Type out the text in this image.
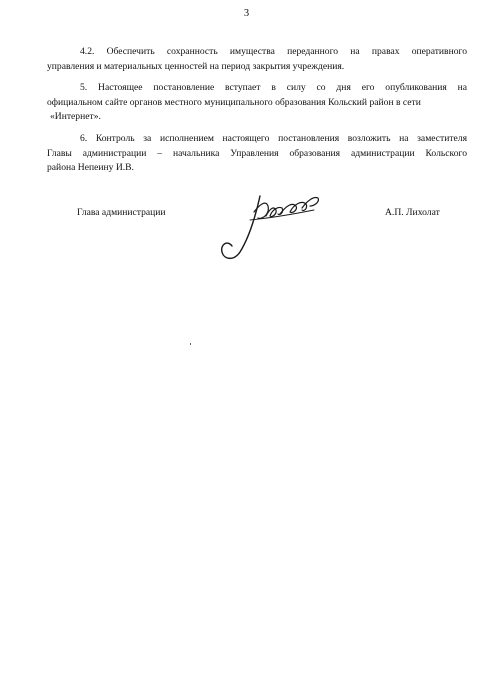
3
4.2. Обеспечить сохранность имущества переданного на правах оперативного
управления и материальных ценностей на период закрытия учреждения.
5. Настоящее постановление вступает в силу со дня его опубликования на
официальном сайте органов местного муниципального образования Кольский район в сети
«Интернет».
6. Контроль за исполнением настоящего постановления возложить на заместителя
Главы администрации – начальника Управления образования администрации Кольского
района Непеину И.В.
Глава администрации	А.П. Лихолат
